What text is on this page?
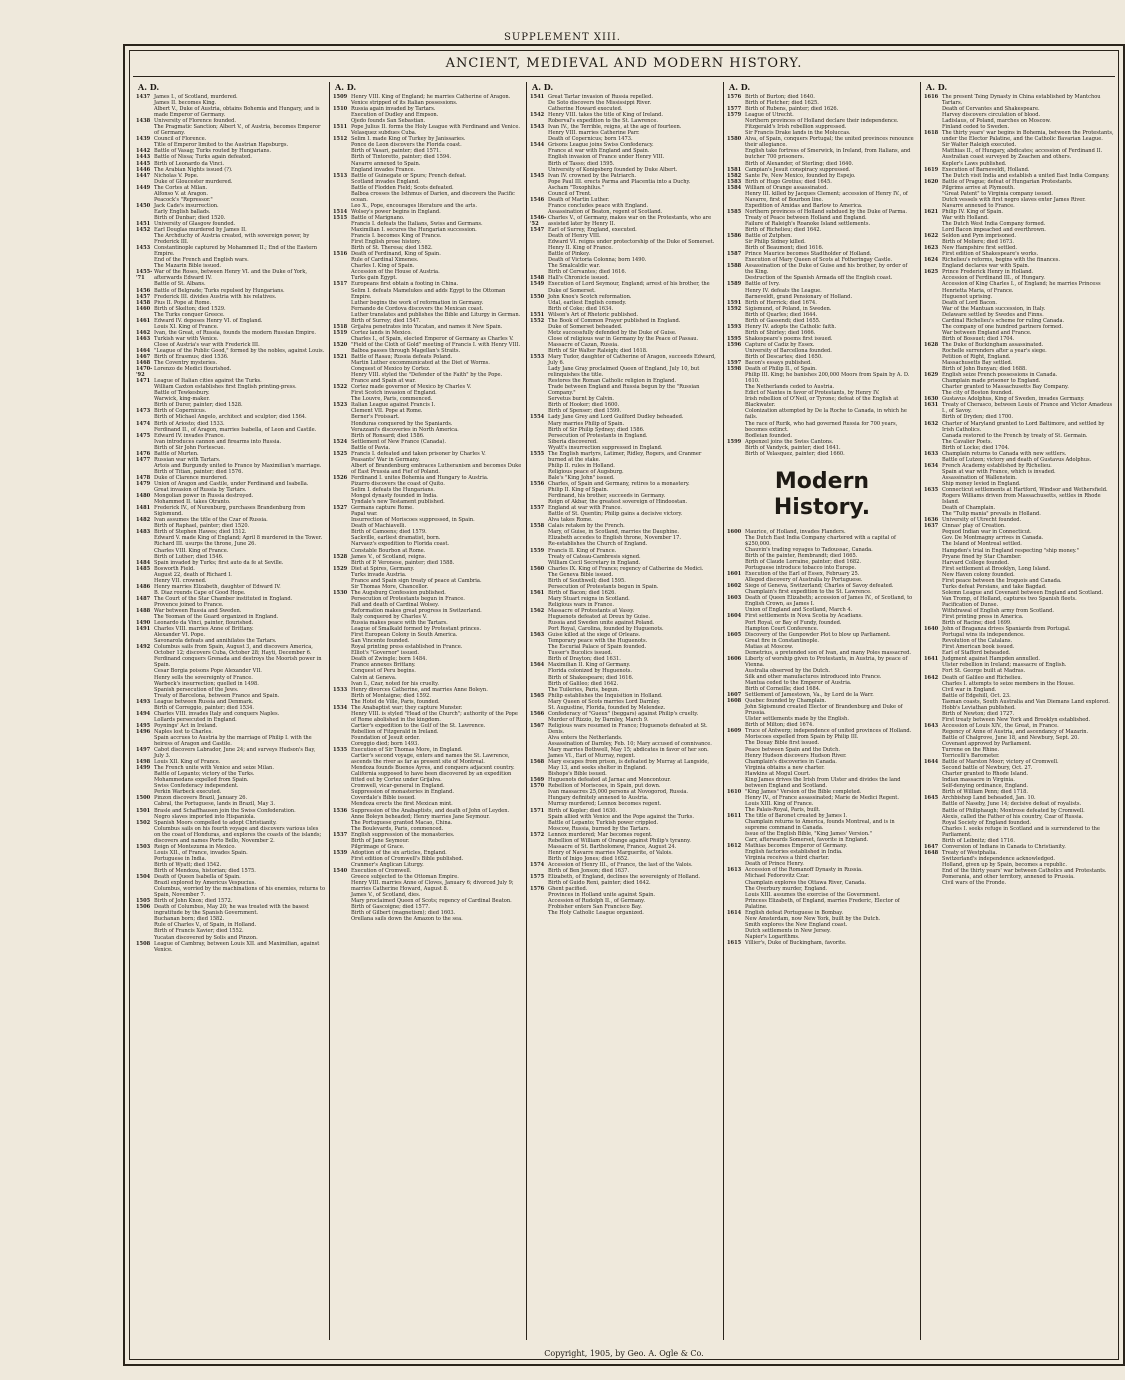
SUPPLEMENT XIII.
ANCIENT, MEDIEVAL AND MODERN HISTORY.
A. D.
1437 James I., of Scotland, murdered.
James II. becomes King.
Albert V., Duke of Austria, obtains Bohemia and Hungary, and is made Emperor of Germany.
1438 University of Florence founded.
The Pragmatic Sanction; Albert V., of Austria, becomes Emperor of Germany.
1439 Council of Florence.
Title of Emperor limited to the Austrian Hapsburgs.
1442 Battle of Vasag; Turks routed by Hungarians.
1443 Battle of Nissa; Turks again defeated.
1445 Birth of Leonardo da Vinci.
1446 The Arabian Nights issued (?).
1447 Nicholas V. Pope.
Duke of Gloucester murdered.
1449 The Cortes at Milan.
Alfonso V. at Aragon.
Peacock's "Repressor."
1450 Jack Cade's insurrection.
Early English ballads.
Birth of Dunbar; died 1520.
1451 University of Glasgow founded.
1452 Earl Douglas murdered by James II.
The Archduchy of Austria created, with sovereign power, by Frederick III.
1453 Constantinople captured by Mohammed II.; End of the Eastern Empire.
End of the French and English wars.
The Mazarin Bible issued.
1455-'71
War of the Roses, between Henry VI. and the Duke of York, afterwards Edward IV.
Battle of St. Albans.
1456 Battle of Belgrade; Turks repulsed by Hungarians.
1457 Frederick III. divides Austria with his relatives.
1458 Pius II. Pope at Rome.
1460 Birth of Skelton; died 1529.
The Turks conquer Greece.
1461 Edward IV. deposes Henry VI. of England.
Louis XI. King of France.
1462 Ivan, the Great, of Russia, founds the modern Russian Empire.
1463 Turkish war with Venice.
Close of Austria's war with Frederick III.
1464 "League of the Public Good," formed by the nobles, against Louis.
1467 Birth of Erasmus; died 1536.
1468 The Coventry mysteries.
1470-'92
Lorenzo de Medici flourished.
1471 League of Italian cities against the Turks.
William Caxton establishes first English printing-press.
Battle of Tewkesbury.
Warwick, king-maker.
Birth of Durer, painter; died 1528.
1473 Birth of Copernicus.
Birth of Michael Angelo, architect and sculptor; died 1564.
1474 Birth of Ariosto; died 1533.
Ferdinand II., of Aragon, marries Isabella, of Leon and Castile.
1475 Edward IV. invades France.
Ivan introduces cannon and firearms into Russia.
Birth of Sir John Fortescue.
1476 Battle of Murten.
1477 Russian war with Tartars.
Artois and Burgundy united to France by Maximilian's marriage.
Birth of Titian, painter; died 1576.
1478 Duke of Clarence murdered.
1479 Union of Aragon and Castile, under Ferdinand and Isabella.
Great invasion of Russia by Tartars.
1480 Mongolian power in Russia destroyed.
Mohammed II. takes Otranto.
1481 Frederick IV., of Nurenburg, purchases Brandenburg from Sigismund.
1482 Ivan assumes the title of the Czar of Russia.
Birth of Raphael, painter; died 1520.
1483 Birth of Stephen Hawes; died 1512.
Edward V. made King of England; April 8 murdered in the Tower.
Richard III. usurps the throne, June 26.
Charles VIII. King of France.
Birth of Luther; died 1546.
1484 Spain invaded by Turks; first auto da fe at Seville.
1485 Bosworth Field.
August 22, death of Richard I.
Henry VII. crowned.
1486 Henry marries Elizabeth, daughter of Edward IV.
B. Diaz rounds Cape of Good Hope.
1487 The Court of the Star Chamber instituted in England.
Provence joined to France.
1488 War between Russia and Sweden.
The Yeoman of the Guard organized in England.
1490 Leonardo da Vinci, painter, flourished.
1491 Charles VIII. marries Anne of Brittany.
Alexander VI. Pope.
Savonarola defeats and annihilates the Tartars.
1492 Columbus sails from Spain, August 3, and discovers America, October 12; discovers Cuba, October 28; Hayti, December 6.
Ferdinand conquers Grenada and destroys the Moorish power in Spain.
Cesar Borgia poisons Pope Alexander VII.
Henry sells the sovereignty of France.
Warbeck's insurrection; quelled in 1498.
Spanish persecution of the Jews.
Treaty of Barcelona, between France and Spain.
1493 League between Russia and Denmark.
Birth of Correggio, painter; died 1534.
1494 Charles VIII. invades Italy and conquers Naples.
Lollards persecuted in England.
1495 Poynings' Act in Ireland.
1496 Naples lost to Charles.
Spain accrues to Austria by the marriage of Philip I. with the heiress of Aragon and Castile.
1497 Cabot discovers Labrador, June 24; and surveys Hudson's Bay, July 3.
1498 Louis XII. King of France.
1499 The French unite with Venice and seize Milan.
Battle of Lepanto; victory of the Turks.
Mohammedans expelled from Spain.
Swiss Confederacy independent.
Perkin Warbeck executed.
1500 Pinzon discovers Brazil, January 26.
Cabral, the Portuguese, lands in Brazil, May 3.
1501 Brasle and Schaffhausen join the Swiss Confederation.
Negro slaves imported into Hispaniola.
1502 Spanish Moors compelled to adopt Christianity.
Columbus sails on his fourth voyage and discovers various isles on the coast of Honduras, and explores the coasts of the islands; discovers and names Porto Bello, November 2.
1503 Reign of Montezuma in Mexico.
Louis XII., of France, invades Spain.
Portuguese in India.
Birth of Wyatt; died 1542.
Birth of Mendoza, historian; died 1575.
1504 Death of Queen Isabella of Spain.
Brazil explored by Americus Vespucius.
Columbus, worried by the machinations of his enemies, returns to Spain, November 7.
1505 Birth of John Knox; died 1572.
1506 Death of Columbus, May 20; he was treated with the basest ingratitude by the Spanish Government.
Buchanan born; died 1582.
Rule of Charles V., of Spain, in Holland.
Birth of Francis Xavier; died 1552.
Yucatan discovered by Solis and Pinzon.
1508 League of Cambray, between Louis XII. and Maximilian, against Venice.
A. D.
1509 Henry VIII. King of England; he marries Catherine of Aragon.
Venice stripped of its Italian possessions.
1510 Russia again invaded by Tartars.
Execution of Dudley and Empson.
Ojedo founds San Sebastian.
1511 Pope Julius II. forms the Holy League with Ferdinand and Venice.
Velasquez subdues Cuba.
1512 Selim I. made King of Turkey by Janissaries.
Ponce de Leon discovers the Florida coast.
Birth of Vasari, painter; died 1571.
Birth of Tintoretto, painter; died 1594.
Navarre annexed to Spain.
England invades France.
1513 Battle of Guinegate or Spurs; French defeat.
Scotland invades England.
Battle of Flodden Field; Scots defeated.
Balboa crosses the Isthmus of Darien, and discovers the Pacific ocean.
Leo X., Pope, encourages literature and the arts.
1514 Wolsey's power begins in England.
1515 Battle of Marignano.
Francis I. defeats the Italians, Swiss and Germans.
Maximilian I. secures the Hungarian succession.
Francis I. becomes King of France.
First English prose history.
Birth of St. Theresa; died 1582.
1516 Death of Ferdinand, King of Spain.
Rule of Cardinal Ximenes.
Charles I. King of Spain.
Accession of the House of Austria.
Turks gain Egypt.
1517 Europeans first obtain a footing in China.
Selim I. defeats Mamelukes and adds Egypt to the Ottoman Empire.
Luther begins the work of reformation in Germany.
Fernando de Cordova discovers the Mexican coast.
Luther translates and publishes the Bible and Liturgy in German.
Birth of Surrey; died 1547.
1518 Grijalva penetrates into Yucatan, and names it New Spain.
1519 Cortez lands in Mexico.
Charles I., of Spain, elected Emperor of Germany as Charles V.
1520 "Field of the Cloth of Gold" meeting of Francis I. with Henry VIII.
Balboa passes through Magellan's Straits.
1521 Battle of Rasau; Russia defeats Poland.
Martin Luther excommunicated at the Diet of Worms.
Conquest of Mexico by Cortez.
Henry VIII. styled the "Defender of the Faith" by the Pope.
France and Spain at war.
1522 Cortez made governor of Mexico by Charles V.
First Scotch invasion of England.
The Louvre, Paris, commenced.
1523 Italian League against Francis I.
Clement VII. Pope at Rome.
Berner's Froissart.
Honduras conquered by the Spaniards.
Verazzani's discoveries in North America.
Birth of Ronsard; died 1586.
1524 Settlement of New France (Canada).
Battle of Pavia.
1525 Francis I. defeated and taken prisoner by Charles V.
Peasants' War in Germany.
Albert of Brandenburg embraces Lutheranism and becomes Duke of East Prussia and Fief of Poland.
1526 Ferdinand I. unites Bohemia and Hungary to Austria.
Pizarro discovers the coast of Quito.
Selim I. defeats the Hungarians.
Mongol dynasty founded in India.
Tyndale's new Testament published.
1527 Germans capture Rome.
Papal war.
Insurrection of Moriscoes suppressed, in Spain.
Death of Machiavelli.
Birth of Camoens; died 1579.
Sackville, earliest dramatist, born.
Narvaez's expedition to Florida coast.
Constable Bourbon at Rome.
1528 James V., of Scotland, reigns.
Birth of P. Veronese, painter; died 1588.
1529 Diet at Spires, Germany.
Turks invade Austria.
France and Spain sign treaty of peace at Cambria.
Sir Thomas More, Chancellor.
1530 The Augsburg Confession published.
Persecution of Protestants begun in France.
Fall and death of Cardinal Wolsey.
Reformation makes great progress in Switzerland.
Italy conquered by Charles V.
Russia makes peace with the Tartars.
League of Smalkald formed by Protestant princes.
First European Colony in South America.
San Vincente founded.
Royal printing press established in France.
Elliot's "Governor" issued.
Death of Zwingle; born 1484.
France annexes Brittany.
Conquest of Peru begins.
Calvin at Geneva.
Ivan I., Czar, noted for his cruelty.
1533 Henry divorces Catherine, and marries Anne Boleyn.
Birth of Montaigne; died 1592.
The Hotel de Ville, Paris, founded.
1534 The Anabaptist war; they capture Munster.
Henry VIII. is styled "Head of the Church"; authority of the Pope of Rome abolished in the kingdom.
Cartier's expedition to the Gulf of the St. Lawrence.
Rebellion of Fitzgerald in Ireland.
Foundation of Jesuit order.
Coreggio died; born 1493.
1535 Execution of Sir Thomas More, in England.
Cartier's second voyage, enters and names the St. Lawrence, ascends the river as far as present site of Montreal.
Mendoza founds Buenos Ayres, and conquers adjacent country.
California supposed to have been discovered by an expedition fitted out by Cortez under Grijalva.
Cromwell, vicar-general in England.
Suppression of monasteries in England.
Coverdale's Bible issued.
Mendoza erects the first Mexican mint.
1536 Suppression of the Anabaptists, and death of John of Leyden.
Anne Boleyn beheaded; Henry marries Jane Seymour.
The Portuguese granted Macao, China.
The Boulevards, Paris, commenced.
1537 English suppression of the monasteries.
Birth of Jane Seymour.
Pilgrimage of Grace.
1539 Adoption of the six articles, England.
First edition of Cromwell's Bible published.
Cranmer's Anglican Liturgy.
1540 Execution of Cromwell.
Greece subjected to the Ottoman Empire.
Henry VIII. marries Anne of Cloves, January 6; divorced July 9; marries Catherine Howard, August 8.
James V., of Scotland, dies.
Mary proclaimed Queen of Scots; regency of Cardinal Beaton.
Birth of Gascoigne; died 1577.
Birth of Gilbert (magnetism); died 1603.
Orellana sails down the Amazon to the sea.
A. D.
1541 Great Tartar invasion of Russia repelled.
De Soto discovers the Mississippi River.
Catherine Howard executed.
1542 Henry VIII. takes the title of King of Ireland.
Roberval's expedition to the St. Lawrence.
1543 Ivan IV., the Terrible, reigns, at the age of fourteen.
Henry VIII. marries Catherine Parr.
Death of Copernicus; born 1473.
1544 Grisons League joins Swiss Confederacy.
France at war with England and Spain.
English invasion of France under Henry VIII.
Birth of Tasso; died 1595.
University of Konigsberg founded by Duke Albert.
1545 Ivan IV. crowned by the Patriarch.
Pope Paul III. erects Parma and Placentia into a Duchy.
Ascham "Toxophilus."
Council of Trent.
1546 Death of Martin Luther.
France concludes peace with England.
Assassination of Beaton, regent of Scotland.
1546-'52
Charles V., of Germany, makes war on the Protestants, who are assisted later by Henry II.
1547 Earl of Surrey, England, executed.
Death of Henry VIII.
Edward VI. reigns under protectorship of the Duke of Somerset.
Henry II. King of France.
Battle of Pinkey.
Death of Victoria Colonna; born 1490.
The Smalcaldic war.
Birth of Cervantes; died 1616.
1548 Hall's Chronicle issued.
1549 Execution of Lord Seymour, England; arrest of his brother, the Duke of Somerset.
1550 John Knox's Scotch reformation.
Udal, earliest English comedy.
Birth of Coke; died 1634.
1551 Wilson's Art of Rhetoric published.
1552 The Book of Common Prayer published in England.
Duke of Somerset beheaded.
Metz successfully defended by the Duke of Guise.
Close of religious war in Germany by the Peace of Passau.
Massacre of Cazan, Russia.
Birth of Sir Walter Raleigh; died 1618.
1553 Mary Tudor, daughter of Catherine of Aragon, succeeds Edward, July 6.
Lady Jane Gray proclaimed Queen of England, July 10, but relinquishes the title.
Restores the Roman Catholic religion in England.
Trade between England and Russia begun by the "Russian Company."
Servetus burnt by Calvin.
Birth of Hooker; died 1600.
Birth of Spenser; died 1599.
1554 Lady Jane Grey and Lord Guilford Dudley beheaded.
Mary marries Philip of Spain.
Birth of Sir Philip Sydney; died 1586.
Persecution of Protestants in England.
Siberia discovered.
Wyatt's insurrection suppressed in England.
1555 The English martyrs, Latimer, Ridley, Rogers, and Cranmer burned at the stake.
Philip II. rules in Holland.
Religious peace of Augsburg.
Bale's "King John" issued.
1556 Charles, of Spain and Germany, retires to a monastery.
Philip II. King of Spain.
Ferdinand, his brother, succeeds in Germany.
Reign of Akbar, the greatest sovereign of Hindoostan.
1557 England at war with France.
Battle of St. Quentin; Philip gains a decisive victory.
Alva takes Rome.
1558 Calais retaken by the French.
Mary, of Guise, in Scotland, marries the Dauphine.
Elizabeth accedes to English throne, November 17.
Re-establishes the Church of England.
1559 Francis II. King of France.
Treaty of Cateau-Cambresis signed.
William Cecil Secretary in England.
1560 Charles IX. King of France; regency of Catherine de Medici.
The Geneva Bible issued.
Birth of Southwell; died 1595.
Persecution of Protestants begun in Spain.
1561 Birth of Bacon; died 1626.
Mary Stuart reigns in Scotland.
Religious wars in France.
1562 Massacre of Protestants at Vassy.
Huguenots defeated at Dreux by Guise.
Russia and Sweden unite against Poland.
Port Royal, Carolina, founded by Huguenots.
1563 Guise killed at the siege of Orleans.
Temporary peace with the Huguenots.
The Escurial Palace of Spain founded.
Tusser's Bucolics issued.
Birth of Drayton; died 1631.
1564 Maximilian II. King of Germany.
Florida colonized by Huguenots.
Birth of Shakespeare; died 1616.
Birth of Galileo; died 1642.
The Tuileries, Paris, begun.
1565 Philip establishes the Inquisition in Holland.
Mary Queen of Scots marries Lord Darnley.
St. Augustine, Florida, founded by Melendez.
1566 Confederacy of "Gueux" (beggars) against Philip's cruelty.
Murder of Rizzio, by Darnley, March 9.
1567 Religious wars resumed in France; Huguenots defeated at St. Denis.
Alva enters the Netherlands.
Assassination of Darnley, Feb. 10; Mary accused of connivance.
Mary marries Bothwell, May 15; abdicates in favor of her son.
James VI., Earl of Murray, regent.
1568 Mary escapes from prison, is defeated by Murray at Langside, May 13, and seeks shelter in England.
Bishops's Bible issued.
1569 Huguenots defeated at Jarnac and Moncontour.
1570 Rebellion of Moriscoes, in Spain, put down.
Ivan massacres 25,000 persons at Novogorod, Russia.
Hungary definitely annexed to Austria.
Murray murdered; Lennox becomes regent.
1571 Birth of Kepler; died 1630.
Spain allied with Venice and the Pope against the Turks.
Battle of Lepanto; Turkish power crippled.
Moscow, Russia, burned by the Tartars.
1572 Lennox murdered; Mar becomes regent.
Rebellion of William of Orange against Philip's tyranny.
Massacre of St. Bartholomew, France, August 24.
Henry of Navarre marries Marguerite, of Valois.
Birth of Inigo Jones; died 1652.
1574 Accession of Henry III., of France, the last of the Valois.
Birth of Ben Jonson; died 1637.
1575 Elizabeth, of England, declines the sovereignty of Holland.
Birth of Guido Reni, painter; died 1642.
1576 Ghent pacified.
Provinces in Holland unite against Spain.
Accession of Rudolph II., of Germany.
Frobisher enters San Francisco Bay.
The Holy Catholic League organized.
A. D.
1576 Birth of Burton; died 1640.
Birth of Fletcher; died 1625.
1577 Birth of Rubens, painter; died 1626.
1579 League of Utrecht.
Northern provinces of Holland declare their independence.
Fitzgerald's Irish rebellion suppressed.
Sir Francis Drake lands in the Moluccas.
1580 Alva, of Spain, conquers Portugal; the united provinces renounce their allegiance.
English take fortress of Smerwick, in Ireland, from Italians, and butcher 700 prisoners.
Birth of Alexander, of Sterling; died 1640.
1581 Campian's Jesuit conspiracy suppressed.
1582 Sante Fe, New Mexico, founded by Espejo.
1583 Birth of Hugo Grotius; died 1645.
1584 William of Orange assassinated.
Henry III. killed by Jacques Clement; accession of Henry IV., of Navarre, first of Bourbon line.
Expedition of Amidas and Barlow to America.
1585 Northern provinces of Holland subdued by the Duke of Parma.
Treaty of Peace between Holland and England.
Failure of Raleigh's Roanoke Island settlements.
Birth of Richelieu; died 1642.
1586 Battle of Zutphen.
Sir Philip Sidney killed.
Birth of Beaumont; died 1616.
1587 Prince Maurice becomes Stadtholder of Holland.
Execution of Mary Queen of Scots at Fotheringay Castle.
1588 Assassination of the Duke of Guise and his brother, by order of the King.
Destruction of the Spanish Armada off the English coast.
1589 Battle of Ivry.
Henry IV. defeats the League.
Barneveldt, grand Pensionary of Holland.
1591 Birth of Herrick; died 1674.
1592 Sigismund, of Poland, in Sweden.
Birth of Quarles; died 1644.
Birth of Gassendi; died 1655.
1593 Henry IV. adopts the Catholic faith.
Birth of Shirley; died 1666.
1595 Shakespeare's poems first issued.
1596 Capture of Cadiz by Essex.
University of Barcellona founded.
Birth of Descartes; died 1650.
1597 Bacon's essays published.
1598 Death of Philip II., of Spain.
Philip III. King; he banishes 200,000 Moors from Spain by A. D. 1610.
The Netherlands ceded to Austria.
Edict of Nantes in favor of Protestants, by Henry IV.
Irish rebellion of O'Neil, or Tyrone; defeat of the English at Blackwater.
Colonization attempted by De la Roche to Canada, in which he fails.
The race of Rurik, who had governed Russia for 700 years, becomes extinct.
Bodleian founded.
1599 Appenzel joins the Swiss Cantons.
Birth of Vandyck, painter; died 1641.
Birth of Velasquez, painter; died 1660.
Modern History.
1600 Maurice, of Holland, invades Flanders.
The Dutch East India Company chartered with a capital of $250,000.
Chauvin's trading voyages to Tadoussac, Canada.
Birth of the painter, Rembrandt; died 1665.
Birth of Claude Lorraine, painter; died 1682.
Portuguese introduce tobacco into Europe.
1601 Execution of the Earl of Essex, February 25.
Alleged discovery of Australia by Portuguese.
1602 Siege of Geneva, Switzerland; Charles of Savoy defeated.
Champlain's first expedition to the St. Lawrence.
1603 Death of Queen Elizabeth; accession of James IV., of Scotland, to English Crown, as James I.
Union of England and Scotland, March 4.
1604 First settlements in Nova Scotia by Acadians.
Port Royal, or Bay of Fundy, founded.
Hampton Court Conference.
1605 Discovery of the Gunpowder Plot to blow up Parliament.
Great fire in Constantinople.
Matias at Moscow.
Demetrius, a pretended son of Ivan, and many Poles massacred.
1606 Liberty of worship given to Protestants, in Austria, by peace of Vienna.
Australia observed by the Dutch.
Silk and other manufactures introduced into France.
Mantua ceded to the Emperor of Austria.
Birth of Corneille; died 1684.
1607 Settlement of Jamestown, Va., by Lord de la Warr.
1608 Quebec founded by Champlain.
John Sigismund created Elector of Brandenburg and Duke of Prussia.
Ulster settlements made by the English.
Birth of Milton; died 1674.
1609 Truce of Antwerp; independence of united provinces of Holland.
Moriscoes expelled from Spain by Philip III.
The Douay Bible first issued.
Peace between Spain and the Dutch.
Henry Hudson discovers Hudson River.
Champlain's discoveries in Canada.
Virginia obtains a new charter.
Hawkins at Mogul Court.
King James drives the Irish from Ulster and divides the land between England and Scotland.
1610 "King James" Version of the Bible completed.
Henry IV., of France assassinated; Marie de Medici Regent.
Louis XIII. King of France.
The Palais-Royal, Paris, built.
1611 The title of Baronet created by James I.
Champlain returns to America, founds Montreal, and is in supreme command in Canada.
Issue of the English Bible, "King James' Version."
Carr, afterwards Somerset, favorite in England.
1612 Mathias becomes Emperor of Germany.
English factories established in India.
Virginia receives a third charter.
Death of Prince Henry.
1613 Accession of the Romanoff Dynasty in Russia.
Michael Fedorovitz Czar.
Champlain explores the Ottawa River, Canada.
The Overbury murder, England.
Louis XIII. assumes the exercise of the Government.
Princess Elizabeth, of England, marries Frederic, Elector of Palatine.
1614 English defeat Portuguese in Bombay.
New Amsterdam, now New York, built by the Dutch.
Smith explores the New England coast.
Dutch settlements in New Jersey.
Napier's Logarithms.
1615 Villier's, Duke of Buckingham, favorite.
A. D.
1616 The present Tsing Dynasty in China established by Mantchou Tartars.
Death of Cervantes and Shakespeare.
Harvey discovers circulation of blood.
Ladislaus, of Poland, marches on Moscow.
Finland ceded to Sweden.
1618 The thirty years' war begins in Bohemia, between the Protestants, under the Elector Palatine, and the Catholic Bavarian League.
Sir Walter Raleigh executed.
Matthias II., of Hungary, abdicates; accession of Ferdinand II.
Australian coast surveyed by Zeachen and others.
Kepler's Laws published.
1619 Execution of Barneveldt, Holland.
The Dutch visit India and establish a united East India Company.
1620 Battle of Prague; defeat of Hungarian Protestants.
Pilgrims arrive at Plymouth.
"Great Patent" to Virginia company issued.
Dutch vessels with first negro slaves enter James River.
Navarre annexed to France.
1621 Philip IV. King of Spain.
War with Holland.
The Dutch West India Company formed.
Lord Bacon impeached and overthrown.
1622 Seldon and Pym imprisoned.
Birth of Moliere; died 1673.
1623 New Hampshire first settled.
First edition of Shakespeare's works.
1624 Richelieu's reforms, begins with the finances.
England declares war with Spain.
1625 Prince Frederick Henry in Holland.
Accession of Ferdinand III., of Hungary.
Accession of King Charles I., of England; he marries Princess Henrietta Maria, of France.
Huguenot uprising.
Death of Lord Bacon.
War of the Mantuan succession, in Italy.
Delaware settled by Swedes and Finns.
Cardinal Richelieu's scheme for ruling Canada.
The company of one hundred partners formed.
War between England and France.
Birth of Bossuet; died 1704.
1628 The Duke of Buckingham assassinated.
Rochelle surrenders after a year's siege.
Petition of Right, England.
Massachusetts Bay settled.
Birth of John Bunyan; died 1688.
1629 English seize French possessions in Canada.
Champlain made prisoner to England.
Charter granted to Massachusetts Bay Company.
The city of Boston founded.
1630 Gustavus Adolphus, King of Sweden, invades Germany.
1631 Treaty of Cherasco, between Louis of France and Victor Amadeus I., of Savoy.
Birth of Dryden; died 1700.
1632 Charter of Maryland granted to Lord Baltimore, and settled by Irish Catholics.
Canada restored to the French by treaty of St. Germain.
The Cavalier Poets.
Birth of Locke; died 1704.
1633 Champlain returns to Canada with new settlers.
Battle of Lutzen; victory and death of Gustavus Adolphus.
1634 French Academy established by Richelieu.
Spain at war with France, which is invaded.
Assassination of Wallenstein.
Ship money levied in England.
1635 Connecticut settlements at Hartford, Windsor and Wethersfield.
Rogers Williams driven from Massachusetts, settles in Rhode Island.
Death of Champlain.
The "Tulip mania" prevails in Holland.
1636 University of Utrecht founded.
1637 Cinnas' play of Creation.
Pequod Indian war in Connecticut.
Gov. De Montmagny arrives in Canada.
The Island of Montreal settled.
Hampden's trial in England respecting "ship money."
Pryane fined by Star Chamber.
Harvard College founded.
First settlement at Brooklyn, Long Island.
New Haven colony founded.
First peace between the Iroquois and Canada.
Turks defeat Persians, and take Bagdad.
Solemn League and Covenant between England and Scotland.
Van Tromp, of Holland, captures two Spanish fleets.
Pacification of Dunse.
Withdrawal of English army from Scotland.
First printing press in America.
Birth of Racine; died 1699.
1640 John of Braganza drives Spaniards from Portugal.
Portugal wins its independence.
Revolution of the Catalans.
First American book issued.
Earl of Stafford beheaded.
1641 Judgment against Hampden annulled.
Ulster rebellion in Ireland; massacre of English.
Fort St. George built at Madras.
1642 Death of Galileo and Richelieu.
Charles I. attempts to seize members in the House.
Civil war in England.
Battle of Edgehill, Oct. 23.
Tasman coasts, South Australia and Van Diemans Land explored.
Hobb's Leviathan published.
Birth of Newton; died 1727.
First treaty between New York and Brooklyn established.
1643 Accession of Louis XIV., the Great, in France.
Regency of Anne of Austria, and ascendancy of Mazarin.
Battle of Chalgrove, June 18, and Newbury, Sept. 20.
Covenant approved by Parliament.
Turrene on the Rhine.
Torricelli's Barometer.
1644 Battle of Marston Moor; victory of Cromwell.
Second battle of Newbury, Oct. 27.
Charter granted to Rhode Island.
Indian massacre in Virginia.
Self-denying ordinance, England.
Birth of William Penn; died 1718.
1645 Archbishop Land beheaded, Jan. 10.
Battle of Naseby, June 14; decisive defeat of royalists.
Battle of Philiphaugh; Montrose defeated by Cromwell.
Alexis, called the Father of his country, Czar of Russia.
Royal Society of England founded.
Charles I. seeks refuge in Scotland and is surrendered to the Parliament.
Birth of Leibnitz; died 1716.
1647 Conversion of Indians in Canada to Christianity.
1648 Treaty of Westphalia.
Switzerland's independence acknowledged.
Holland, given up by Spain, becomes a republic.
End of the thirty years' war between Catholics and Protestants.
Pomerania, and other territory, annexed to Prussia.
Civil wars of the Fronde.
Copyright, 1905, by Geo. A. Ogle & Co.
